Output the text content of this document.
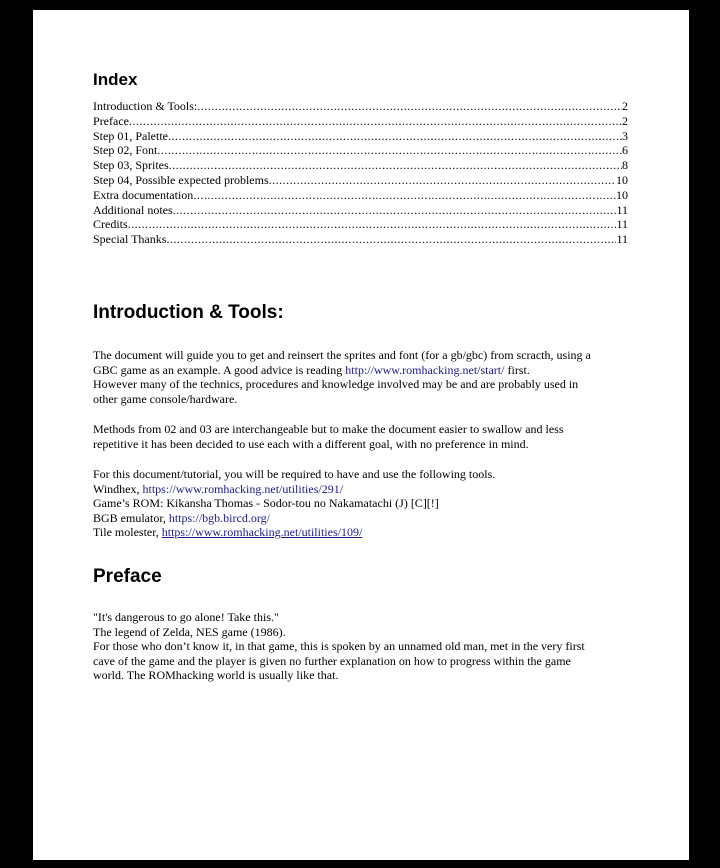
Index
Introduction & Tools: .....	2
Preface .....	2
Step 01, Palette .....	3
Step 02, Font .....	6
Step 03, Sprites .....	8
Step 04, Possible expected problems .....	10
Extra documentation .....	10
Additional notes .....	11
Credits .....	11
Special Thanks .....	11
Introduction & Tools:

The document will guide you to get and reinsert the sprites and font (for a gb/gbc) from scracth, using a
GBC game as an example. A good advice is reading http://www.romhacking.net/start/ first.
However many of the technics, procedures and knowledge involved may be and are probably used in
other game console/hardware.

Methods from 02 and 03 are interchangeable but to make the document easier to swallow and less
repetitive it has been decided to use each with a different goal, with no preference in mind.

For this document/tutorial, you will be required to have and use the following tools.
Windhex, https://www.romhacking.net/utilities/291/
Game’s ROM: Kikansha Thomas - Sodor-tou no Nakamatachi (J) [C][!]
BGB emulator, https://bgb.bircd.org/
Tile molester, https://www.romhacking.net/utilities/109/

Preface

"It's dangerous to go alone! Take this."
The legend of Zelda, NES game (1986).
For those who don’t know it, in that game, this is spoken by an unnamed old man, met in the very first
cave of the game and the player is given no further explanation on how to progress within the game
world. The ROMhacking world is usually like that.
